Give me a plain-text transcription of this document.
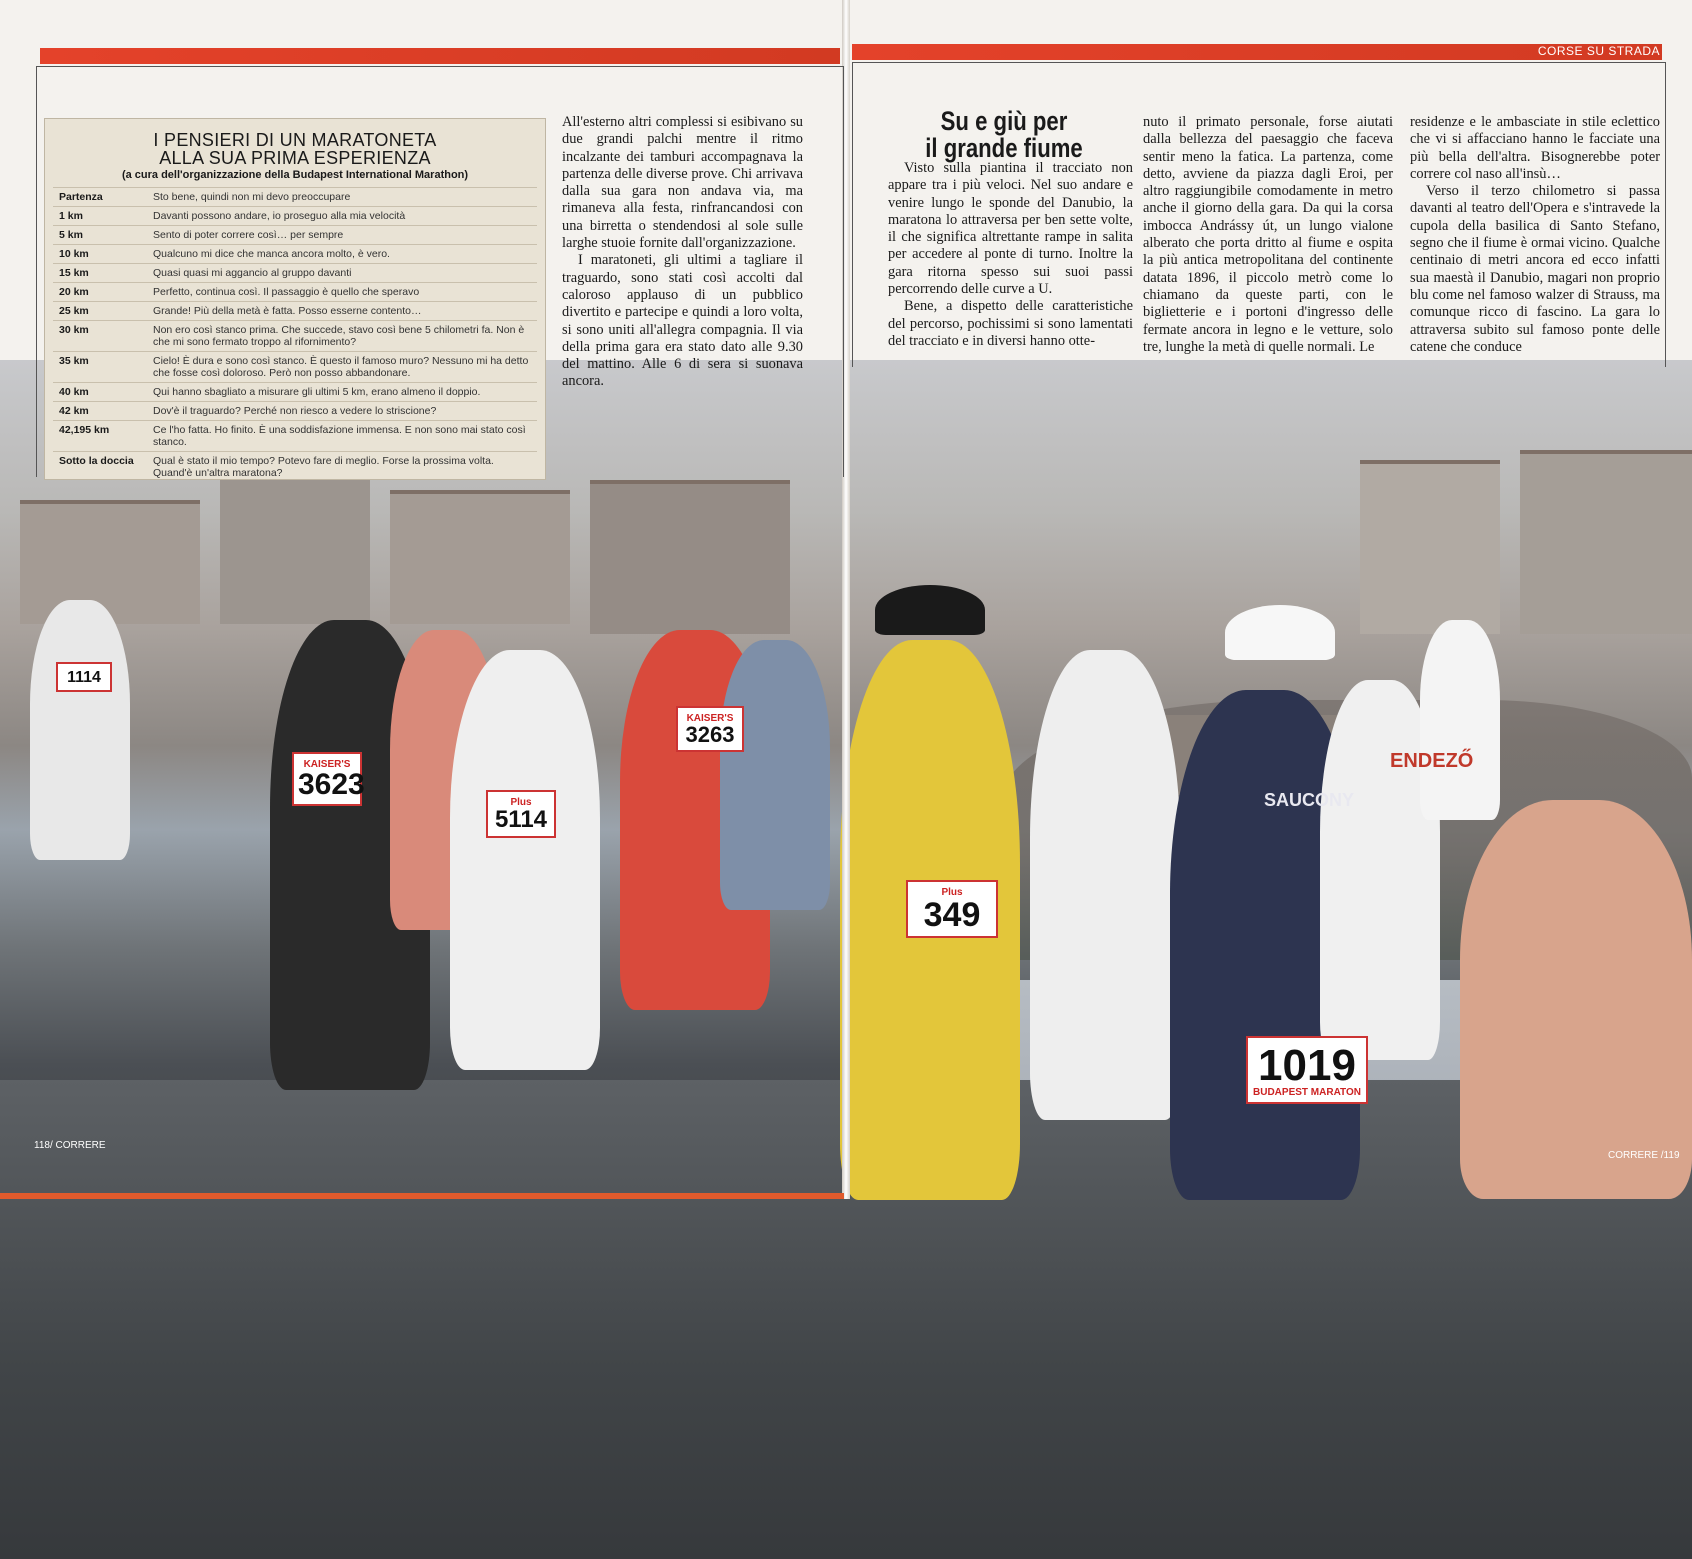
SAUCONY
ENDEZŐ
1114
KAISER'S
3623
Plus
5114
KAISER'S
3263
Plus
349
1019
BUDAPEST MARATON
CORSE SU STRADA
I PENSIERI DI UN MARATONETA
ALLA SUA PRIMA ESPERIENZA
(a cura dell'organizzazione della Budapest International Marathon)
Partenza	Sto bene, quindi non mi devo preoccupare
1 km	Davanti possono andare, io proseguo alla mia velocità
5 km	Sento di poter correre così… per sempre
10 km	Qualcuno mi dice che manca ancora molto, è vero.
15 km	Quasi quasi mi aggancio al gruppo davanti
20 km	Perfetto, continua così. Il passaggio è quello che speravo
25 km	Grande! Più della metà è fatta. Posso esserne contento…
30 km	Non ero così stanco prima. Che succede, stavo così bene 5 chilometri fa. Non è che mi sono fermato troppo al rifornimento?
35 km	Cielo! È dura e sono così stanco. È questo il famoso muro? Nessuno mi ha detto che fosse così doloroso. Però non posso abbandonare.
40 km	Qui hanno sbagliato a misurare gli ultimi 5 km, erano almeno il doppio.
42 km	Dov'è il traguardo? Perché non riesco a vedere lo striscione?
42,195 km	Ce l'ho fatta. Ho finito. È una soddisfazione immensa. E non sono mai stato così stanco.
Sotto la doccia	Qual è stato il mio tempo? Potevo fare di meglio. Forse la prossima volta. Quand'è un'altra maratona?

All'esterno altri complessi si esibivano su due grandi palchi mentre il ritmo incalzante dei tamburi accompagnava la partenza delle diverse prove. Chi arrivava dalla sua gara non andava via, ma rimaneva alla festa, rinfrancandosi con una birretta o stendendosi al sole sulle larghe stuoie fornite dall'organizzazione.

I maratoneti, gli ultimi a tagliare il traguardo, sono stati così accolti dal caloroso applauso di un pubblico divertito e partecipe e quindi a loro volta, si sono uniti all'allegra compagnia. Il via della prima gara era stato dato alle 9.30 del mattino. Alle 6 di sera si suonava ancora.

Su e giù per
il grande fiume

Visto sulla piantina il tracciato non appare tra i più veloci. Nel suo andare e venire lungo le sponde del Danubio, la maratona lo attraversa per ben sette volte, il che significa altrettante rampe in salita per accedere al ponte di turno. Inoltre la gara ritorna spesso sui suoi passi percorrendo delle curve a U.

Bene, a dispetto delle caratteristiche del percorso, pochissimi si sono lamentati del tracciato e in diversi hanno otte-

nuto il primato personale, forse aiutati dalla bellezza del paesaggio che faceva sentir meno la fatica. La partenza, come detto, avviene da piazza dagli Eroi, per altro raggiungibile comodamente in metro anche il giorno della gara. Da qui la corsa imbocca Andrássy út, un lungo vialone alberato che porta dritto al fiume e ospita la più antica metropolitana del continente datata 1896, il piccolo metrò come lo chiamano da queste parti, con le biglietterie e i portoni d'ingresso delle fermate ancora in legno e le vetture, solo tre, lunghe la metà di quelle normali. Le

residenze e le ambasciate in stile eclettico che vi si affacciano hanno le facciate una più bella dell'altra. Bisognerebbe poter correre col naso all'insù…

Verso il terzo chilometro si passa davanti al teatro dell'Opera e s'intravede la cupola della basilica di Santo Stefano, segno che il fiume è ormai vicino. Qualche centinaio di metri ancora ed ecco infatti sua maestà il Danubio, magari non proprio blu come nel famoso walzer di Strauss, ma comunque ricco di fascino. La gara lo attraversa subito sul famoso ponte delle catene che conduce

118/ CORRERE
CORRERE /119
